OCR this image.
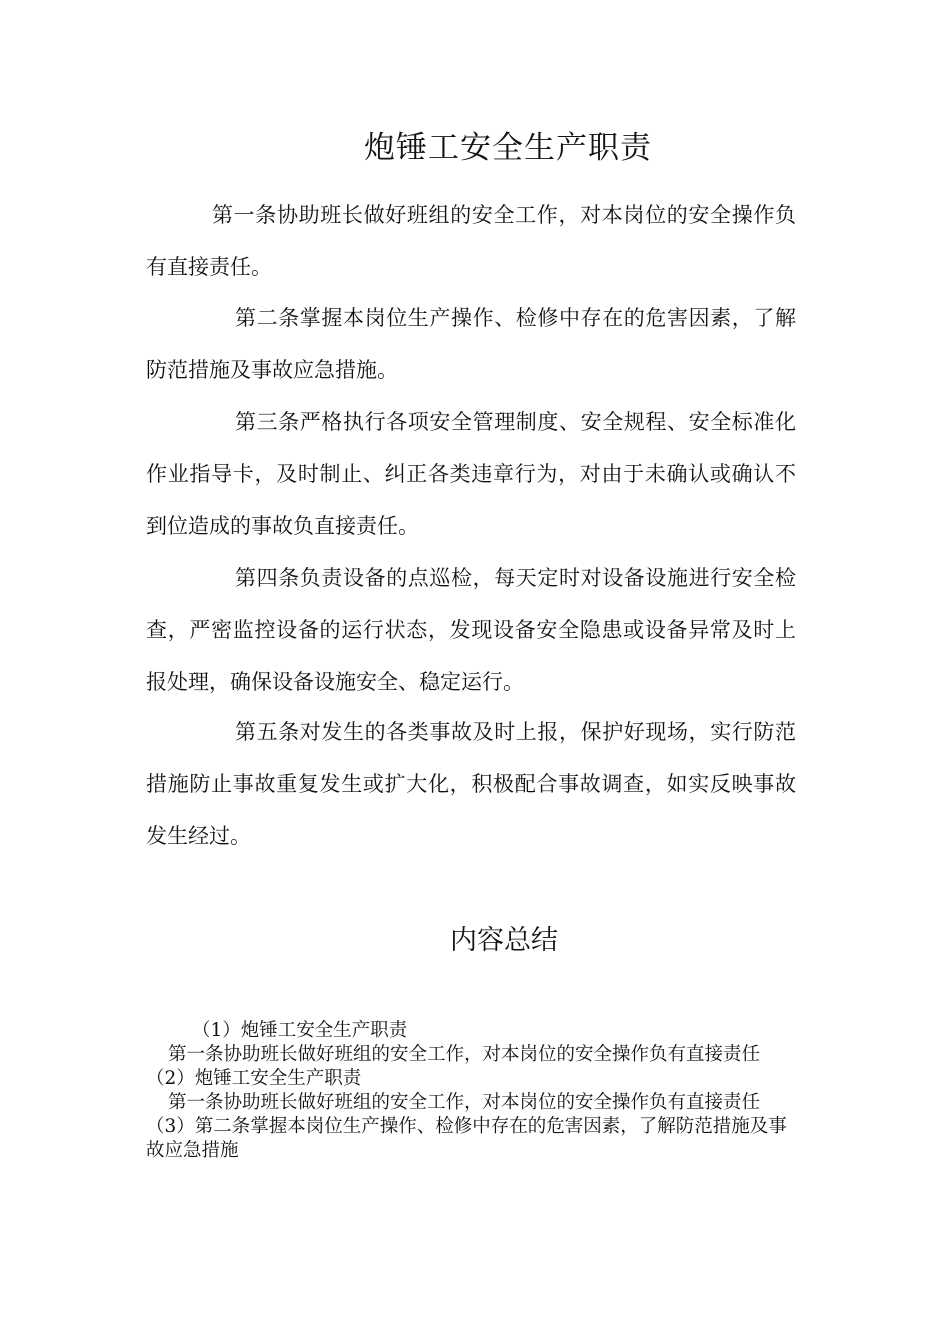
炮锤工安全生产职责

第一条协助班长做好班组的安全工作，对本岗位的安全操作负有直接责任。

第二条掌握本岗位生产操作、检修中存在的危害因素，了解防范措施及事故应急措施。

第三条严格执行各项安全管理制度、安全规程、安全标准化作业指导卡，及时制止、纠正各类违章行为，对由于未确认或确认不到位造成的事故负直接责任。

第四条负责设备的点巡检，每天定时对设备设施进行安全检查，严密监控设备的运行状态，发现设备安全隐患或设备异常及时上报处理，确保设备设施安全、稳定运行。

第五条对发生的各类事故及时上报，保护好现场，实行防范措施防止事故重复发生或扩大化，积极配合事故调查，如实反映事故发生经过。

内容总结

（1）炮锤工安全生产职责

第一条协助班长做好班组的安全工作，对本岗位的安全操作负有直接责任

（2）炮锤工安全生产职责

第一条协助班长做好班组的安全工作，对本岗位的安全操作负有直接责任

（3）第二条掌握本岗位生产操作、检修中存在的危害因素，了解防范措施及事故应急措施
